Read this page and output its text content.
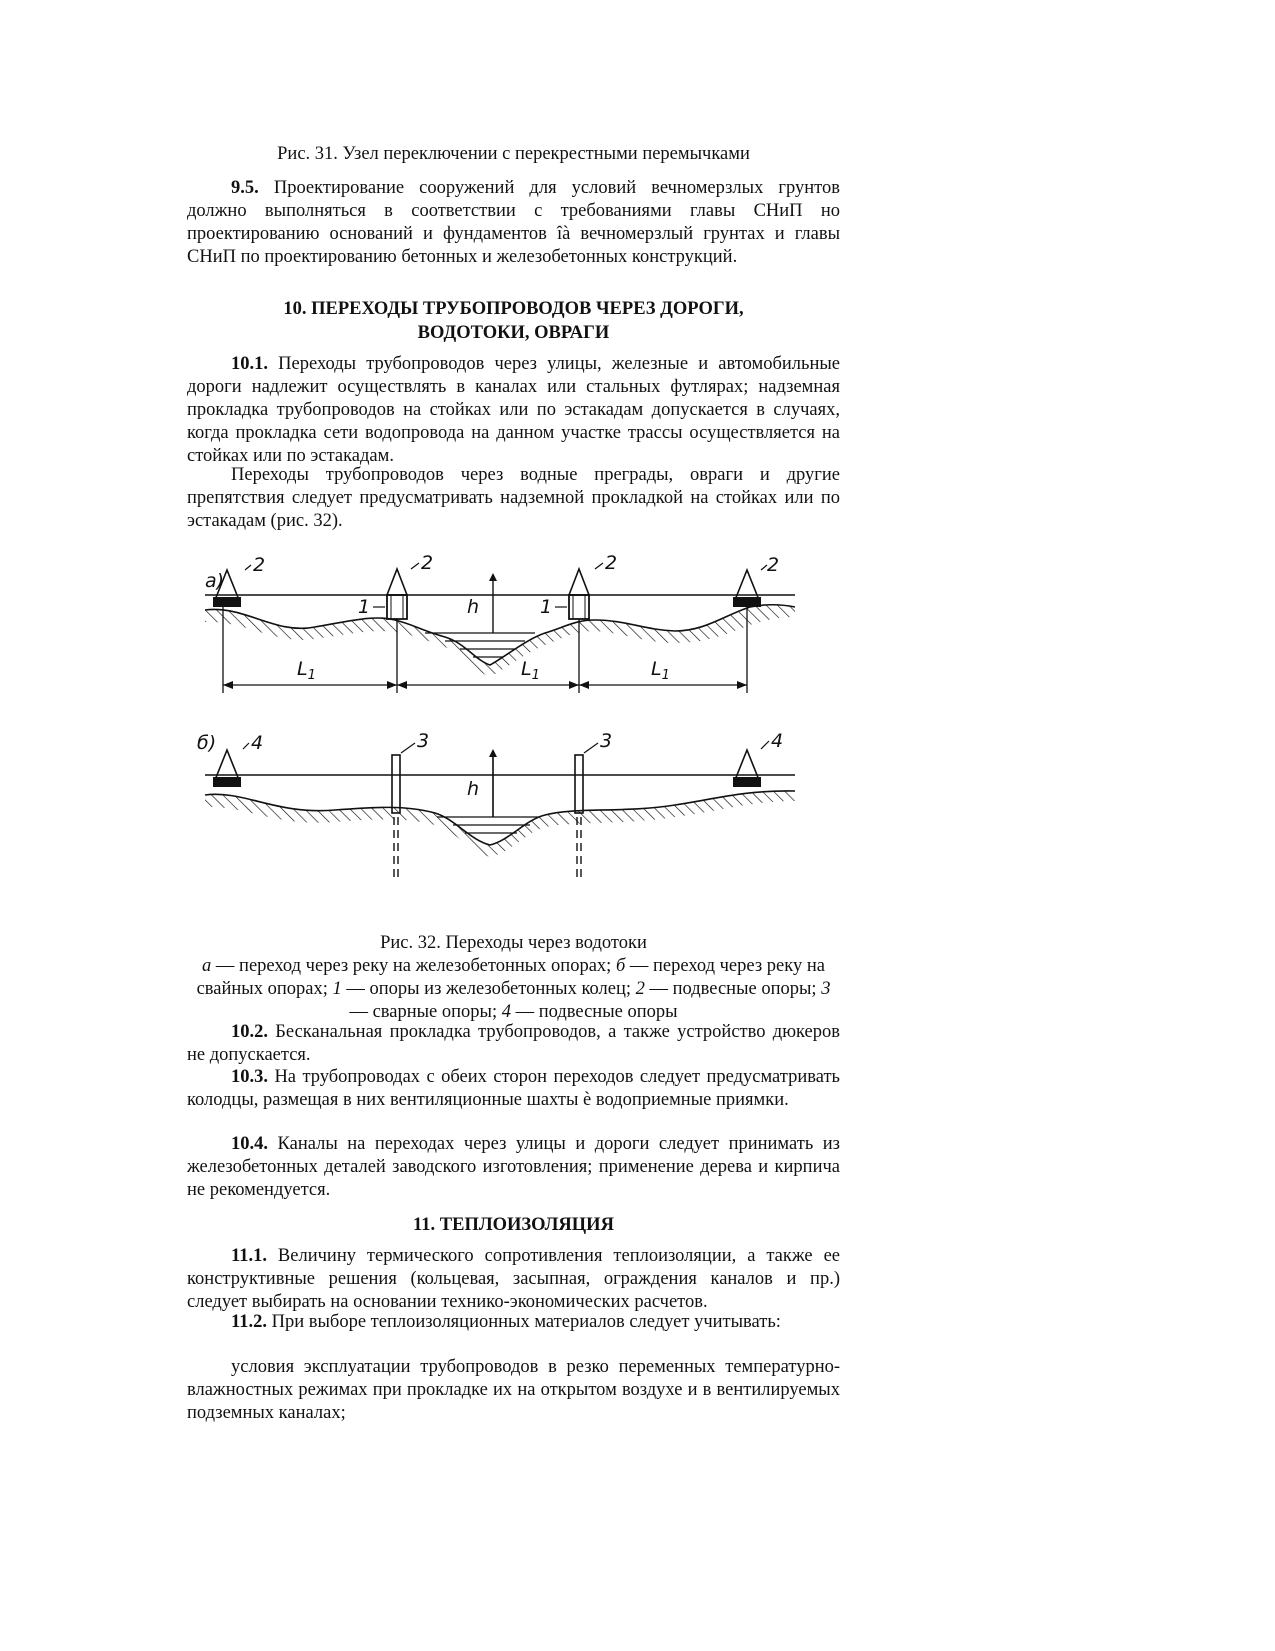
Рис. 31. Узел переключении с перекрестными перемычками

9.5. Проектирование сооружений для условий вечномерзлых грунтов должно выполняться в соответствии с требованиями главы СНиП но проектированию оснований и фундаментов îà вечномерзлый грунтах и главы СНиП по проектированию бетонных и железобетонных конструкций.

10. ПЕРЕХОДЫ ТРУБОПРОВОДОВ ЧЕРЕЗ ДОРОГИ,
ВОДОТОКИ, ОВРАГИ

10.1. Переходы трубопроводов через улицы, железные и автомобильные дороги надлежит осуществлять в каналах или стальных футлярах; надземная прокладка трубопроводов на стойках или по эстакадам допускается в случаях, когда прокладка сети водопровода на данном участке трассы осуществляется на стойках или по эстакадам.

Переходы трубопроводов через водные преграды, овраги и другие препятствия следует предусматривать надземной прокладкой на стойках или по эстакадам (рис. 32).

а)
h
2	2
1
2
1
2
$L_1$	$L_1$	$L_1$
б)
h
4	3	3	4
Рис. 32. Переходы через водотоки
а — переход через реку на железобетонных опорах; б — переход через реку на свайных опорах; 1 — опоры из железобетонных колец; 2 — подвесные опоры; 3 — сварные опоры; 4 — подвесные опоры

10.2. Бесканальная прокладка трубопроводов, а также устройство дюкеров не допускается.

10.3. На трубопроводах с обеих сторон переходов следует предусматривать колодцы, размещая в них вентиляционные шахты è водоприемные приямки.

10.4. Каналы на переходах через улицы и дороги следует принимать из железобетонных деталей заводского изготовления; применение дерева и кирпича не рекомендуется.

11. ТЕПЛОИЗОЛЯЦИЯ

11.1. Величину термического сопротивления теплоизоляции, а также ее конструктивные решения (кольцевая, засыпная, ограждения каналов и пр.) следует выбирать на основании технико-экономических расчетов.

11.2. При выборе теплоизоляционных материалов следует учитывать:

условия эксплуатации трубопроводов в резко переменных температурно-влажностных режимах при прокладке их на открытом воздухе и в вентилируемых подземных каналах;
